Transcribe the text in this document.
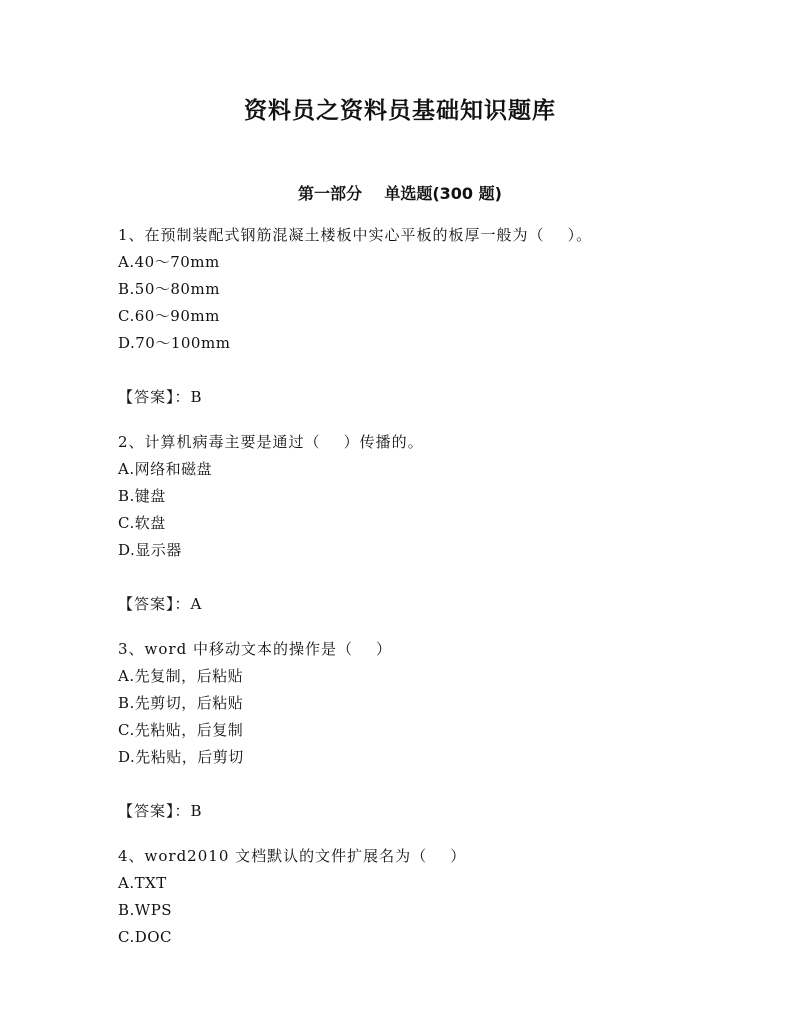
资料员之资料员基础知识题库
第一部分    单选题(300 题)
1、在预制装配式钢筋混凝土楼板中实心平板的板厚一般为（    ）。
A.40～70mm
B.50～80mm
C.60～90mm
D.70～100mm
【答案】：B
2、计算机病毒主要是通过（    ）传播的。
A.网络和磁盘
B.键盘
C.软盘
D.显示器
【答案】：A
3、word 中移动文本的操作是（    ）
A.先复制，后粘贴
B.先剪切，后粘贴
C.先粘贴，后复制
D.先粘贴，后剪切
【答案】：B
4、word2010 文档默认的文件扩展名为（    ）
A.TXT
B.WPS
C.DOC
